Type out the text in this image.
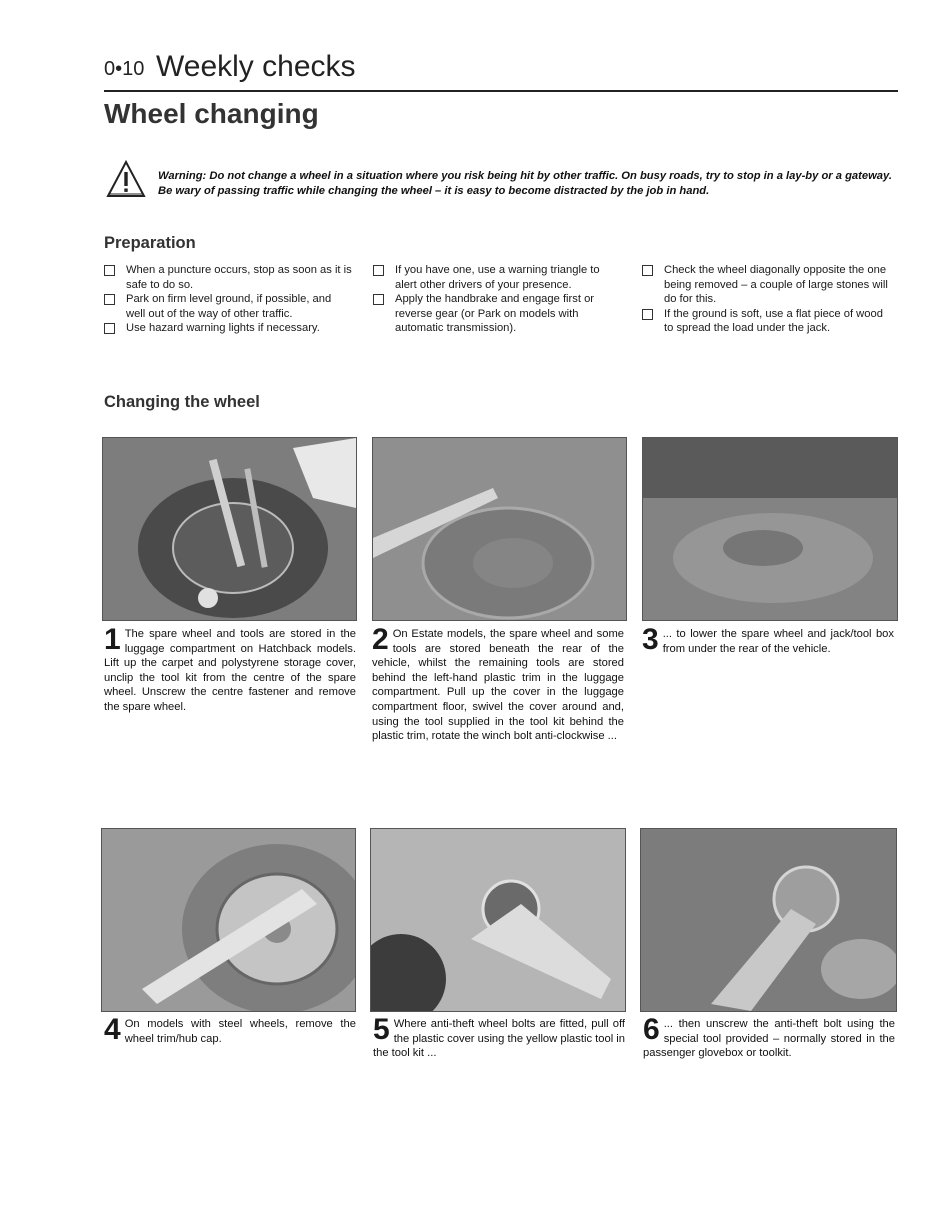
0•10 Weekly checks
Wheel changing
Warning: Do not change a wheel in a situation where you risk being hit by other traffic. On busy roads, try to stop in a lay-by or a gateway. Be wary of passing traffic while changing the wheel – it is easy to become distracted by the job in hand.
Preparation
When a puncture occurs, stop as soon as it is safe to do so.
Park on firm level ground, if possible, and well out of the way of other traffic.
Use hazard warning lights if necessary.
If you have one, use a warning triangle to alert other drivers of your presence.
Apply the handbrake and engage first or reverse gear (or Park on models with automatic transmission).
Check the wheel diagonally opposite the one being removed – a couple of large stones will do for this.
If the ground is soft, use a flat piece of wood to spread the load under the jack.
Changing the wheel
1 The spare wheel and tools are stored in the luggage compartment on Hatchback models. Lift up the carpet and polystyrene storage cover, unclip the tool kit from the centre of the spare wheel. Unscrew the centre fastener and remove the spare wheel.
2 On Estate models, the spare wheel and some tools are stored beneath the rear of the vehicle, whilst the remaining tools are stored behind the left-hand plastic trim in the luggage compartment. Pull up the cover in the luggage compartment floor, swivel the cover around and, using the tool supplied in the tool kit behind the plastic trim, rotate the winch bolt anti-clockwise ...
3 ... to lower the spare wheel and jack/tool box from under the rear of the vehicle.
4 On models with steel wheels, remove the wheel trim/hub cap.	5 Where anti-theft wheel bolts are fitted, pull off the plastic cover using the yellow plastic tool in the tool kit ...
6 ... then unscrew the anti-theft bolt using the special tool provided – normally stored in the passenger glovebox or toolkit.
